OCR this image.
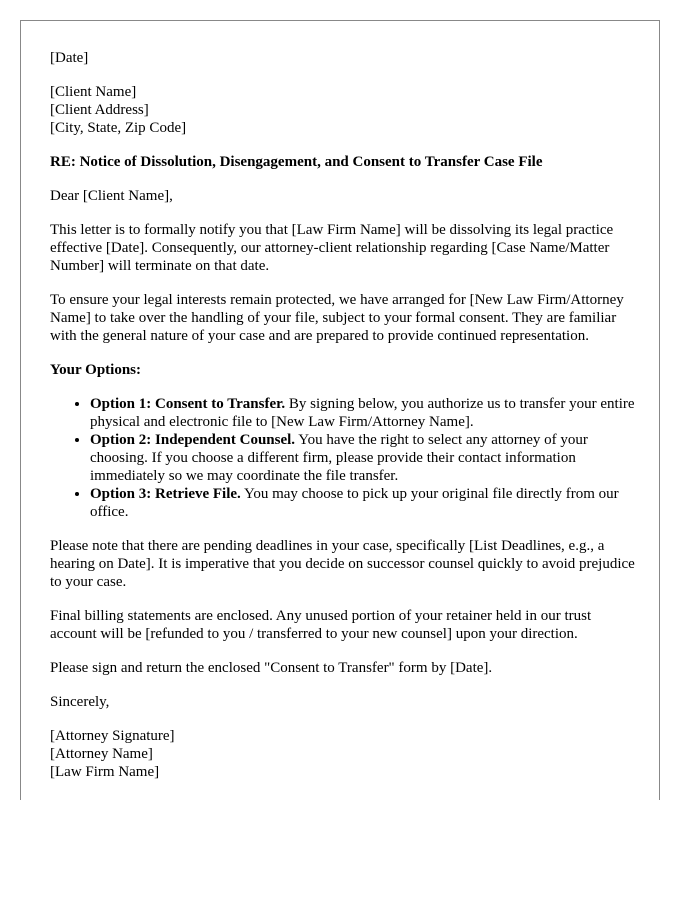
[Date]

[Client Name]
[Client Address]
[City, State, Zip Code]

RE: Notice of Dissolution, Disengagement, and Consent to Transfer Case File

Dear [Client Name],

This letter is to formally notify you that [Law Firm Name] will be dissolving its legal practice effective [Date]. Consequently, our attorney-client relationship regarding [Case Name/Matter Number] will terminate on that date.

To ensure your legal interests remain protected, we have arranged for [New Law Firm/Attorney Name] to take over the handling of your file, subject to your formal consent. They are familiar with the general nature of your case and are prepared to provide continued representation.

Your Options:

• Option 1: Consent to Transfer. By signing below, you authorize us to transfer your entire physical and electronic file to [New Law Firm/Attorney Name].
• Option 2: Independent Counsel. You have the right to select any attorney of your choosing. If you choose a different firm, please provide their contact information immediately so we may coordinate the file transfer.
• Option 3: Retrieve File. You may choose to pick up your original file directly from our office.

Please note that there are pending deadlines in your case, specifically [List Deadlines, e.g., a hearing on Date]. It is imperative that you decide on successor counsel quickly to avoid prejudice to your case.

Final billing statements are enclosed. Any unused portion of your retainer held in our trust account will be [refunded to you / transferred to your new counsel] upon your direction.

Please sign and return the enclosed "Consent to Transfer" form by [Date].

Sincerely,

[Attorney Signature]
[Attorney Name]
[Law Firm Name]
